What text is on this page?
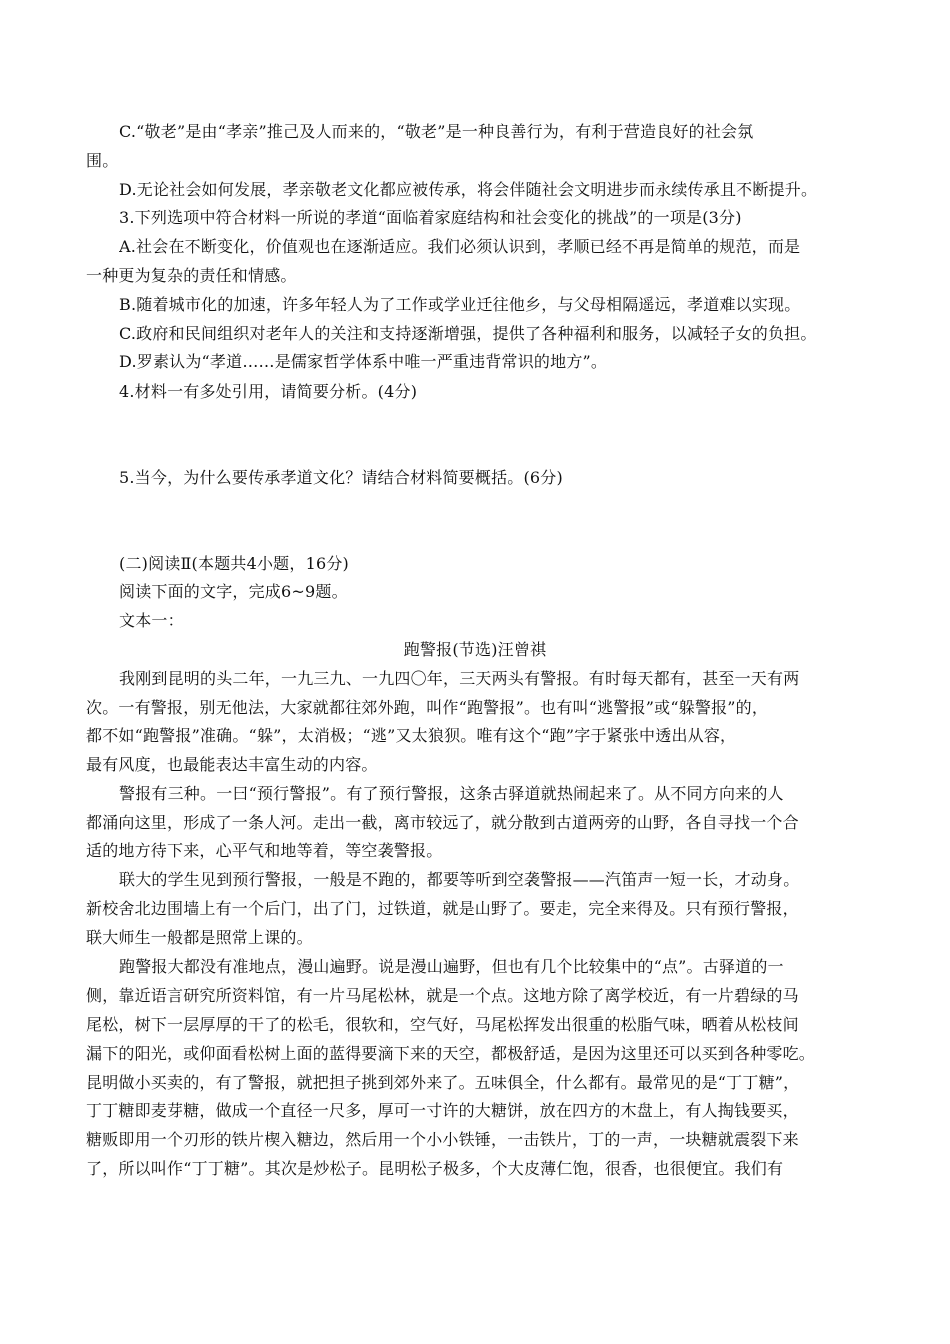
C.“敬老”是由“孝亲”推己及人而来的，“敬老”是一种良善行为，有利于营造良好的社会氛
围。
D.无论社会如何发展，孝亲敬老文化都应被传承，将会伴随社会文明进步而永续传承且不断提升。
3.下列选项中符合材料一所说的孝道“面临着家庭结构和社会变化的挑战”的一项是(3分)
A.社会在不断变化，价值观也在逐渐适应。我们必须认识到，孝顺已经不再是简单的规范，而是
一种更为复杂的责任和情感。
B.随着城市化的加速，许多年轻人为了工作或学业迁往他乡，与父母相隔遥远，孝道难以实现。
C.政府和民间组织对老年人的关注和支持逐渐增强，提供了各种福利和服务，以减轻子女的负担。
D.罗素认为“孝道……是儒家哲学体系中唯一严重违背常识的地方”。
4.材料一有多处引用，请简要分析。(4分)
5.当今，为什么要传承孝道文化？请结合材料简要概括。(6分)
(二)阅读Ⅱ(本题共4小题，16分)
阅读下面的文字，完成6~9题。
文本一：
跑警报(节选)汪曾祺
我刚到昆明的头二年，一九三九、一九四〇年，三天两头有警报。有时每天都有，甚至一天有两
次。一有警报，别无他法，大家就都往郊外跑，叫作“跑警报”。也有叫“逃警报”或“躲警报”的，
都不如“跑警报”准确。“躲”，太消极；“逃”又太狼狈。唯有这个“跑”字于紧张中透出从容，
最有风度，也最能表达丰富生动的内容。
警报有三种。一曰“预行警报”。有了预行警报，这条古驿道就热闹起来了。从不同方向来的人
都涌向这里，形成了一条人河。走出一截，离市较远了，就分散到古道两旁的山野，各自寻找一个合
适的地方待下来，心平气和地等着，等空袭警报。
联大的学生见到预行警报，一般是不跑的，都要等听到空袭警报——汽笛声一短一长，才动身。
新校舍北边围墙上有一个后门，出了门，过铁道，就是山野了。要走，完全来得及。只有预行警报，
联大师生一般都是照常上课的。
跑警报大都没有准地点，漫山遍野。说是漫山遍野，但也有几个比较集中的“点”。古驿道的一
侧，靠近语言研究所资料馆，有一片马尾松林，就是一个点。这地方除了离学校近，有一片碧绿的马
尾松，树下一层厚厚的干了的松毛，很软和，空气好，马尾松挥发出很重的松脂气味，晒着从松枝间
漏下的阳光，或仰面看松树上面的蓝得要滴下来的天空，都极舒适，是因为这里还可以买到各种零吃。
昆明做小买卖的，有了警报，就把担子挑到郊外来了。五味俱全，什么都有。最常见的是“丁丁糖”，
丁丁糖即麦芽糖，做成一个直径一尺多，厚可一寸许的大糖饼，放在四方的木盘上，有人掏钱要买，
糖贩即用一个刃形的铁片楔入糖边，然后用一个小小铁锤，一击铁片，丁的一声，一块糖就震裂下来
了，所以叫作“丁丁糖”。其次是炒松子。昆明松子极多，个大皮薄仁饱，很香，也很便宜。我们有
